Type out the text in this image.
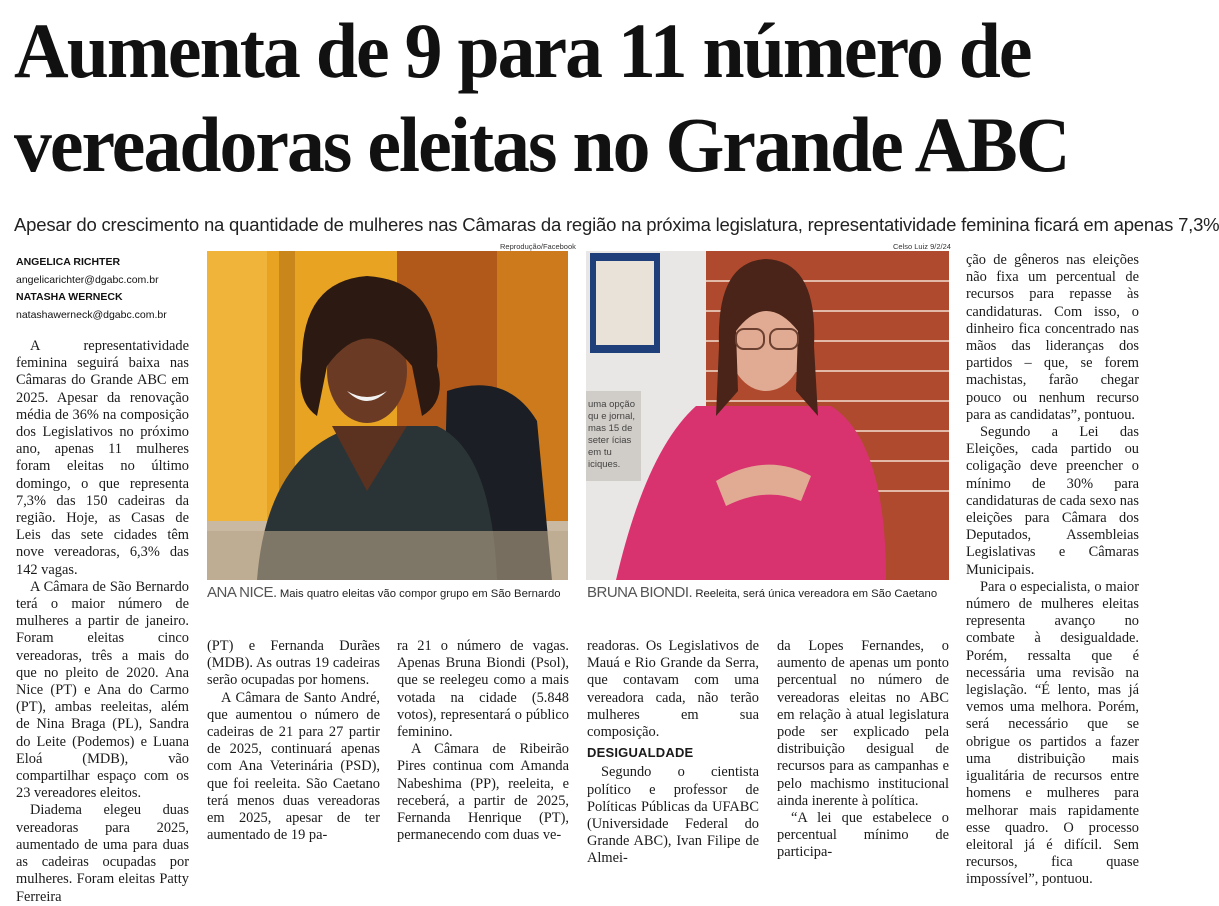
Aumenta de 9 para 11 número de
vereadoras eleitas no Grande ABC
Apesar do crescimento na quantidade de mulheres nas Câmaras da região na próxima legislatura, representatividade feminina ficará em apenas 7,3%
ANGELICA RICHTER
angelicarichter@dgabc.com.br
NATASHA WERNECK
natashawerneck@dgabc.com.br
Reprodução/Facebook
ANA NICE. Mais quatro eleitas vão compor grupo em São Bernardo
Celso Luiz 9/2/24
uma opção qu e jornal, mas 15 de seter ícias em tu iciques.
BRUNA BIONDI. Reeleita, será única vereadora em São Caetano

A representatividade feminina seguirá baixa nas Câmaras do Grande ABC em 2025. Apesar da renovação média de 36% na composição dos Legislativos no próximo ano, apenas 11 mulheres foram eleitas no último domingo, o que representa 7,3% das 150 cadeiras da região. Hoje, as Casas de Leis das sete cidades têm nove vereadoras, 6,3% das 142 vagas.

A Câmara de São Bernardo terá o maior número de mulheres a partir de janeiro. Foram eleitas cinco vereadoras, três a mais do que no pleito de 2020. Ana Nice (PT) e Ana do Carmo (PT), ambas reeleitas, além de Nina Braga (PL), Sandra do Leite (Podemos) e Luana Eloá (MDB), vão compartilhar espaço com os 23 vereadores eleitos.

Diadema elegeu duas vereadoras para 2025, aumentado de uma para duas as cadeiras ocupadas por mulheres. Foram eleitas Patty Ferreira

(PT) e Fernanda Durães (MDB). As outras 19 cadeiras serão ocupadas por homens.

A Câmara de Santo André, que aumentou o número de cadeiras de 21 para 27 partir de 2025, continuará apenas com Ana Veterinária (PSD), que foi reeleita. São Caetano terá menos duas vereadoras em 2025, apesar de ter aumentado de 19 pa-

ra 21 o número de vagas. Apenas Bruna Biondi (Psol), que se reelegeu como a mais votada na cidade (5.848 votos), representará o público feminino.

A Câmara de Ribeirão Pires continua com Amanda Nabeshima (PP), reeleita, e receberá, a partir de 2025, Fernanda Henrique (PT), permanecendo com duas ve-

readoras. Os Legislativos de Mauá e Rio Grande da Serra, que contavam com uma vereadora cada, não terão mulheres em sua composição.

DESIGUALDADE

Segundo o cientista político e professor de Políticas Públicas da UFABC (Universidade Federal do Grande ABC), Ivan Filipe de Almei-

da Lopes Fernandes, o aumento de apenas um ponto percentual no número de vereadoras eleitas no ABC em relação à atual legislatura pode ser explicado pela distribuição desigual de recursos para as campanhas e pelo machismo institucional ainda inerente à política.

“A lei que estabelece o percentual mínimo de participa-

ção de gêneros nas eleições não fixa um percentual de recursos para repasse às candidaturas. Com isso, o dinheiro fica concentrado nas mãos das lideranças dos partidos – que, se forem machistas, farão chegar pouco ou nenhum recurso para as candidatas”, pontuou.

Segundo a Lei das Eleições, cada partido ou coligação deve preencher o mínimo de 30% para candidaturas de cada sexo nas eleições para Câmara dos Deputados, Assembleias Legislativas e Câmaras Municipais.

Para o especialista, o maior número de mulheres eleitas representa avanço no combate à desigualdade. Porém, ressalta que é necessária uma revisão na legislação. “É lento, mas já vemos uma melhora. Porém, será necessário que se obrigue os partidos a fazer uma distribuição mais igualitária de recursos entre homens e mulheres para melhorar mais rapidamente esse quadro. O processo eleitoral já é difícil. Sem recursos, fica quase impossível”, pontuou.
